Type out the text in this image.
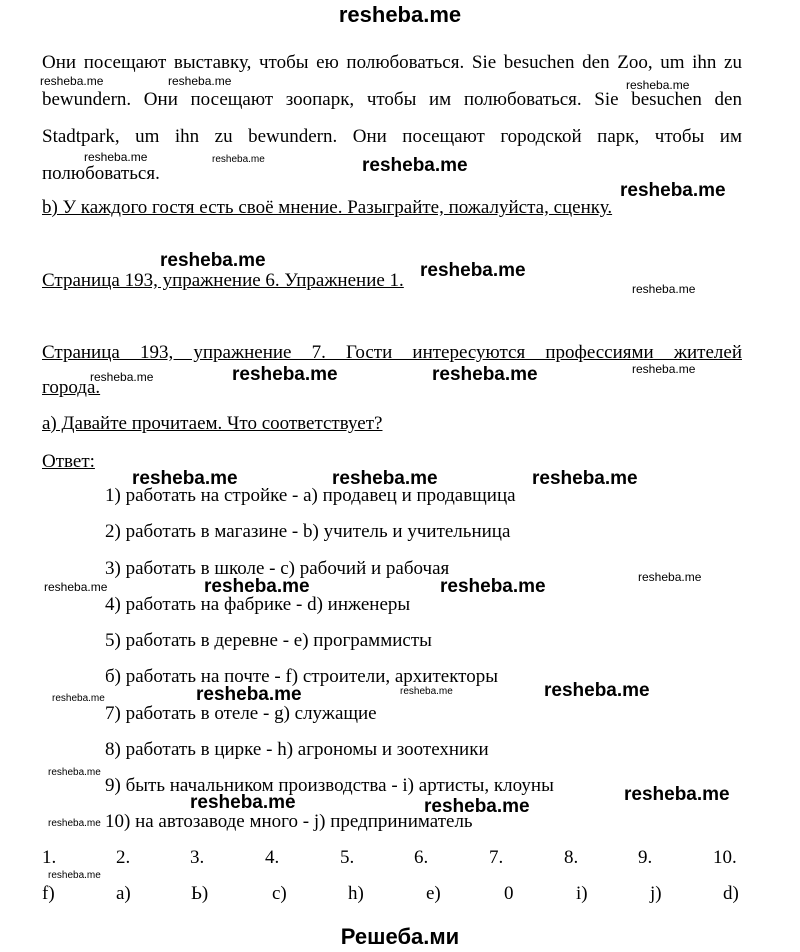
resheba.me

Они посещают выставку, чтобы ею полюбоваться. Sie besuchen den Zoo, um ihn zu bewundern. Они посещают зоопарк, чтобы им полюбоваться. Sie besuchen den Stadtpark, um ihn zu bewundern. Они посещают городской парк, чтобы им полюбоваться.

b) У каждого гостя есть своё мнение. Разыграйте, пожалуйста, сценку.
Страница 193, упражнение 6. Упражнение 1.
Страница 193, упражнение 7. Гости интересуются профессиями жителей
города.
a) Давайте прочитаем. Что соответствует?
Ответ:
1) работать на стройке - а) продавец и продавщица
2) работать в магазине - b) учитель и учительница
3) работать в школе - с) рабочий и рабочая
4) работать на фабрике - d) инженеры
5) работать в деревне - е) программисты
б) работать на почте - f) строители, архитекторы
7) работать в отеле - g) служащие
8) работать в цирке - h) агрономы и зоотехники
9) быть начальником производства - i) артисты, клоуны
10) на автозаводе много - j) предприниматель
1.	2.	3.	4.	5.	6.	7.	8.	9.	10.
f)	а)	Ь)	с)	h)	е)	0	i)	j)	d)
resheba.me
resheba.me
resheba.me	resheba.me
resheba.me	resheba.me
resheba.me	resheba.me	resheba.me
resheba.me	resheba.me
resheba.me	resheba.me
resheba.me	resheba.me
resheba.me
resheba.me	resheba.me	resheba.me
resheba.me	resheba.me
resheba.me
resheba.me
resheba.me
resheba.me
resheba.me
resheba.me
resheba.me
resheba.me
resheba.me
resheba.me
Решеба.ми
